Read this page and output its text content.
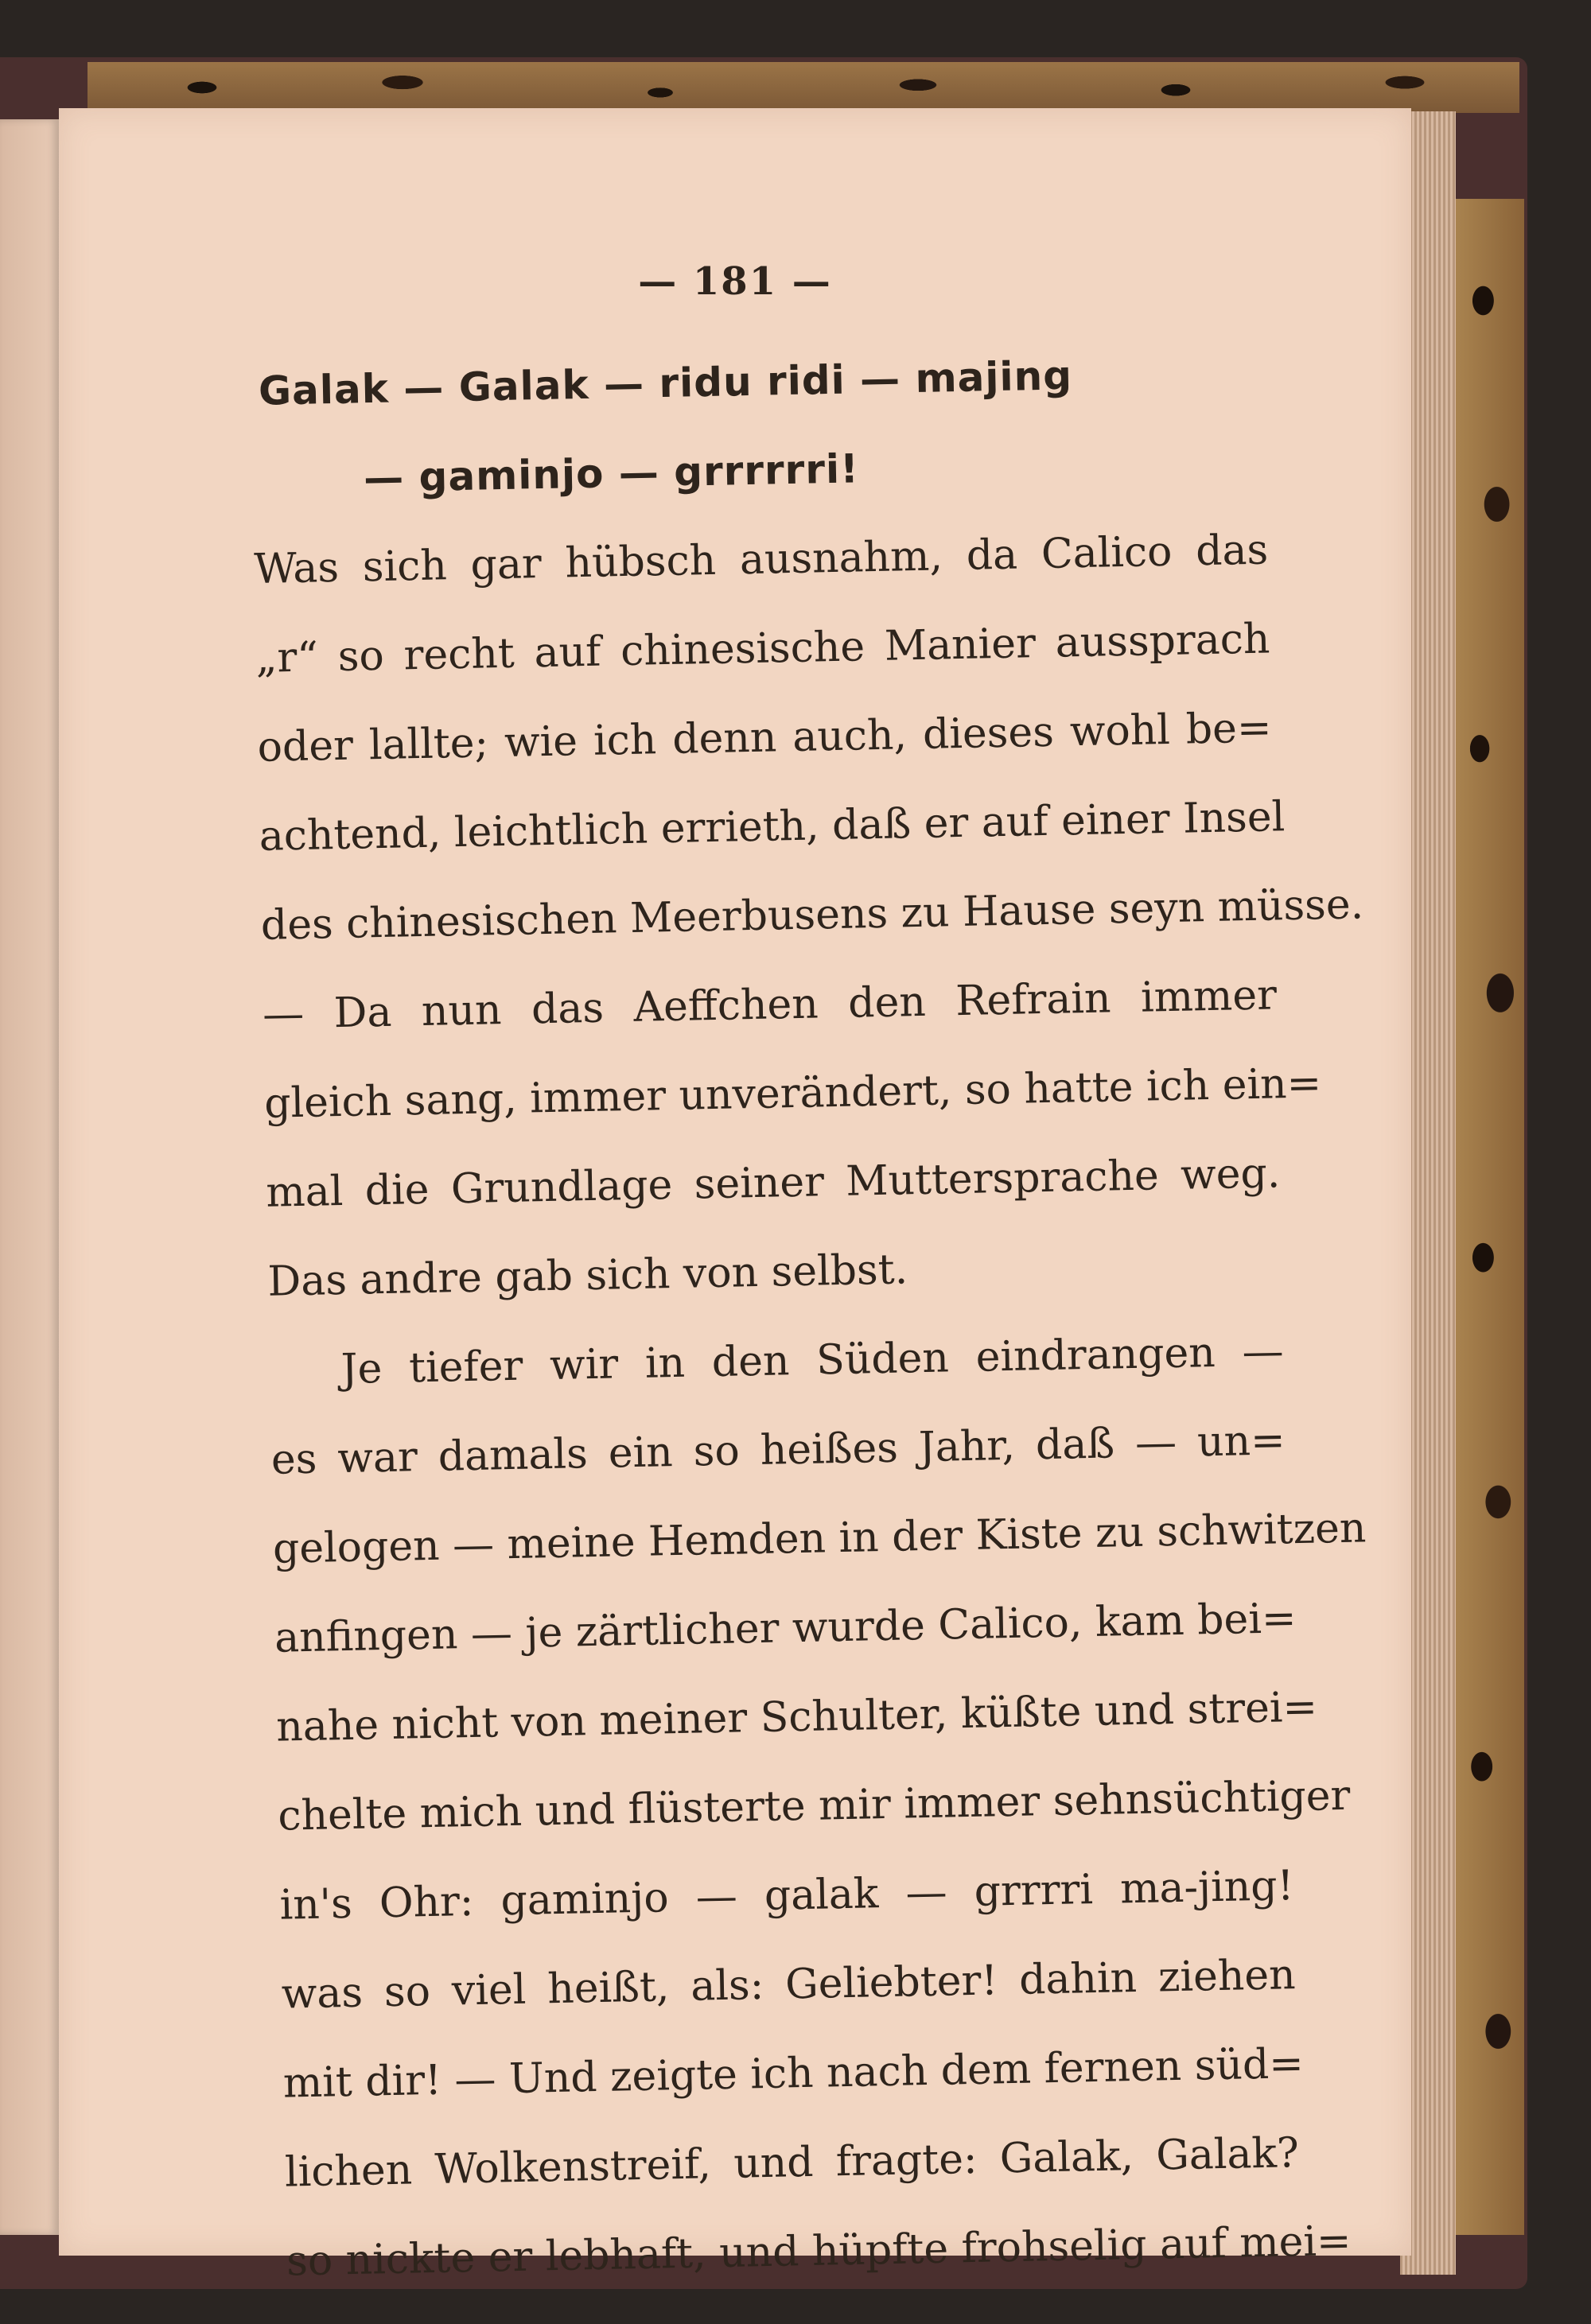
— 181 —
Galak — Galak — ridu ridi — majing
— gaminjo — grrrrrri!
Was sich gar hübsch ausnahm, da Calico das
„r“ so recht auf chinesische Manier aussprach
oder lallte; wie ich denn auch, dieses wohl be=
achtend, leichtlich errieth, daß er auf einer Insel
des chinesischen Meerbusens zu Hause seyn müsse.
— Da nun das Aeffchen den Refrain immer
gleich sang, immer unverändert, so hatte ich ein=
mal die Grundlage seiner Muttersprache weg.
Das andre gab sich von selbst.
Je tiefer wir in den Süden eindrangen —
es war damals ein so heißes Jahr, daß — un=
gelogen — meine Hemden in der Kiste zu schwitzen
anfingen — je zärtlicher wurde Calico, kam bei=
nahe nicht von meiner Schulter, küßte und strei=
chelte mich und flüsterte mir immer sehnsüchtiger
in's Ohr: gaminjo — galak — grrrri ma-jing!
was so viel heißt, als: Geliebter! dahin ziehen
mit dir! — Und zeigte ich nach dem fernen süd=
lichen Wolkenstreif, und fragte: Galak, Galak?
so nickte er lebhaft, und hüpfte frohselig auf mei=
